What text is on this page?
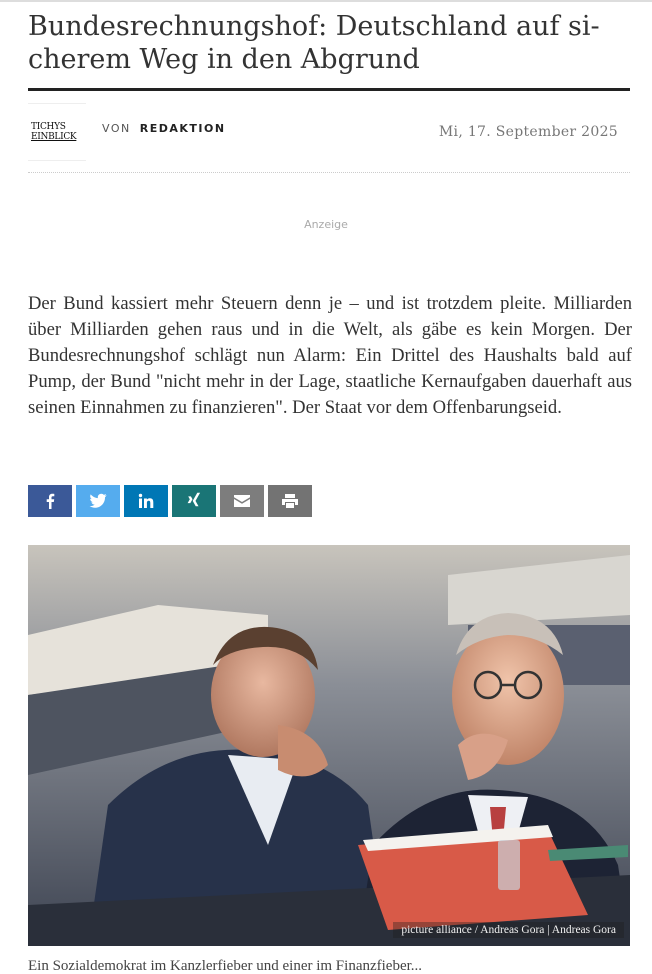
Bundesrechnungshof: Deutschland auf sicherem Weg in den Abgrund
TICHYS
EINBLICK
VON REDAKTION	Mi, 17. September 2025
Anzeige

Der Bund kassiert mehr Steuern denn je – und ist trotzdem pleite. Milliarden über Milliarden gehen raus und in die Welt, als gäbe es kein Morgen. Der Bundesrechnungshof schlägt nun Alarm: Ein Drittel des Haushalts bald auf Pump, der Bund "nicht mehr in der Lage, staatliche Kernaufgaben dauerhaft aus seinen Einnahmen zu finanzieren". Der Staat vor dem Offenbarungseid.

picture alliance / Andreas Gora | Andreas Gora
Ein Sozialdemokrat im Kanzlerfieber und einer im Finanzfieber...
